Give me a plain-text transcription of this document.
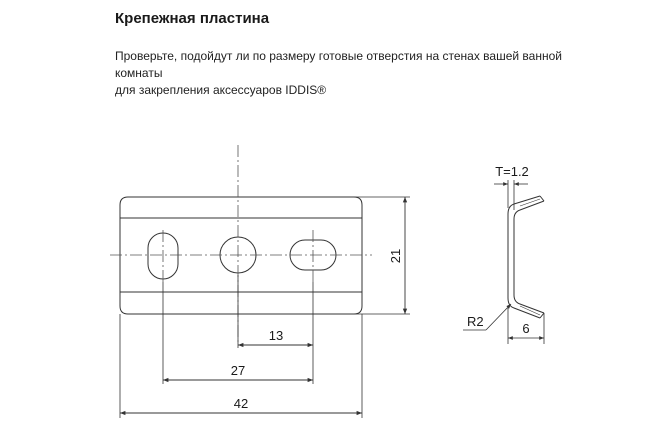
Крепежная пластина
Проверьте, подойдут ли по размеру готовые отверстия на стенах вашей ванной комнаты
для закрепления аксессуаров IDDIS®
13
27
42
21
T=1.2
R2	6
